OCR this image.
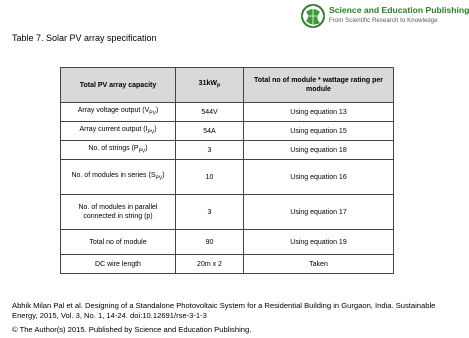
Table 7. Solar PV array specification
Science and Education Publishing
From Scientific Research to Knowledge
Total PV array capacity	$31kW_P$	Total no of module * wattage rating per module
Array voltage output $(V_{PV})$	544V	Using equation 13
Array current output $(I_{PV})$	54A	Using equation 15
No. of strings $(P_{PV})$	3	Using equation 18
No. of modules in series $(S_{PV})$	10	Using equation 16
No. of modules in parallel connected in string (p)	3	Using equation 17
Total no of module	90	Using equation 19
DC wire length	20m x 2	Taken
Abhik Milan Pal et al. Designing of a Standalone Photovoltaic System for a Residential Building in Gurgaon, India. Sustainable Energy, 2015, Vol. 3, No. 1, 14-24. doi:10.12691/rse-3-1-3
© The Author(s) 2015. Published by Science and Education Publishing.
